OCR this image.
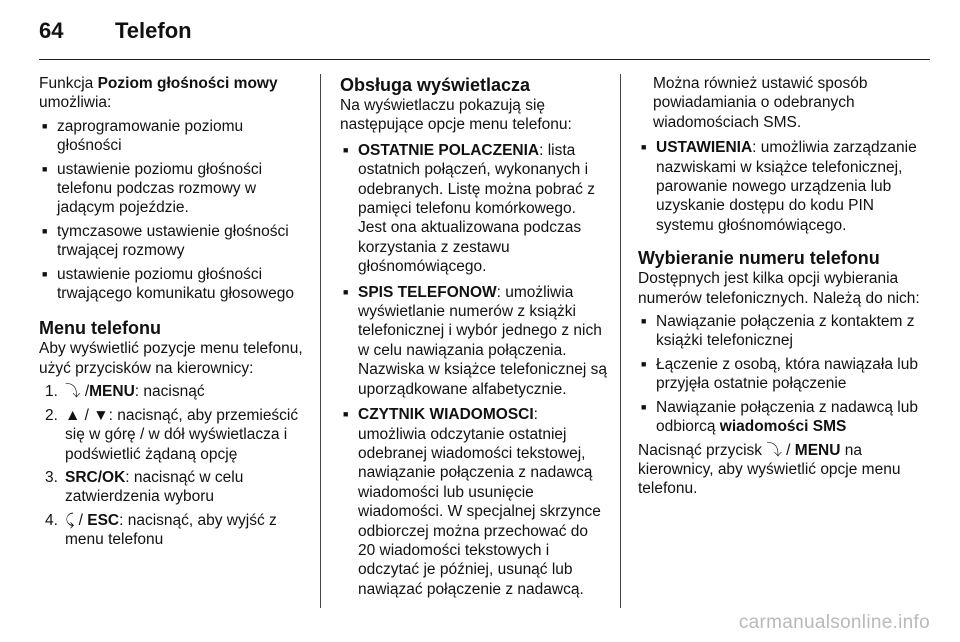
64 Telefon

Funkcja Poziom głośności mowy umożliwia:

■ zaprogramowanie poziomu głośności

■ ustawienie poziomu głośności telefonu podczas rozmowy w jadącym pojeździe.

■ tymczasowe ustawienie głośności trwającej rozmowy

■ ustawienie poziomu głośności trwającego komunikatu głosowego

Menu telefonu

Aby wyświetlić pozycje menu telefonu, użyć przycisków na kierownicy:

1. ⤵ /MENU: nacisnąć

2. ▲ / ▼: nacisnąć, aby przemieścić się w górę / w dół wyświetlacza i podświetlić żądaną opcję

3. SRC/OK: nacisnąć w celu zatwierdzenia wyboru

4. ⤹ / ESC: nacisnąć, aby wyjść z menu telefonu

Obsługa wyświetlacza

Na wyświetlaczu pokazują się następujące opcje menu telefonu:

■ OSTATNIE POLACZENIA: lista ostatnich połączeń, wykonanych i odebranych. Listę można pobrać z pamięci telefonu komórkowego. Jest ona aktualizowana podczas korzystania z zestawu głośnomówiącego.

■ SPIS TELEFONOW: umożliwia wyświetlanie numerów z książki telefonicznej i wybór jednego z nich w celu nawiązania połączenia. Nazwiska w książce telefonicznej są uporządkowane alfabetycznie.

■ CZYTNIK WIADOMOSCI: umożliwia odczytanie ostatniej odebranej wiadomości tekstowej, nawiązanie połączenia z nadawcą wiadomości lub usunięcie wiadomości. W specjalnej skrzynce odbiorczej można przechować do 20 wiadomości tekstowych i odczytać je później, usunąć lub nawiązać połączenie z nadawcą.

Można również ustawić sposób powiadamiania o odebranych wiadomościach SMS.

■ USTAWIENIA: umożliwia zarządzanie nazwiskami w książce telefonicznej, parowanie nowego urządzenia lub uzyskanie dostępu do kodu PIN systemu głośnomówiącego.

Wybieranie numeru telefonu

Dostępnych jest kilka opcji wybierania numerów telefonicznych. Należą do nich:

■ Nawiązanie połączenia z kontaktem z książki telefonicznej

■ Łączenie z osobą, która nawiązała lub przyjęła ostatnie połączenie

■ Nawiązanie połączenia z nadawcą lub odbiorcą wiadomości SMS

Nacisnąć przycisk ⤵ / MENU na kierownicy, aby wyświetlić opcje menu telefonu.

carmanualsonline.info
